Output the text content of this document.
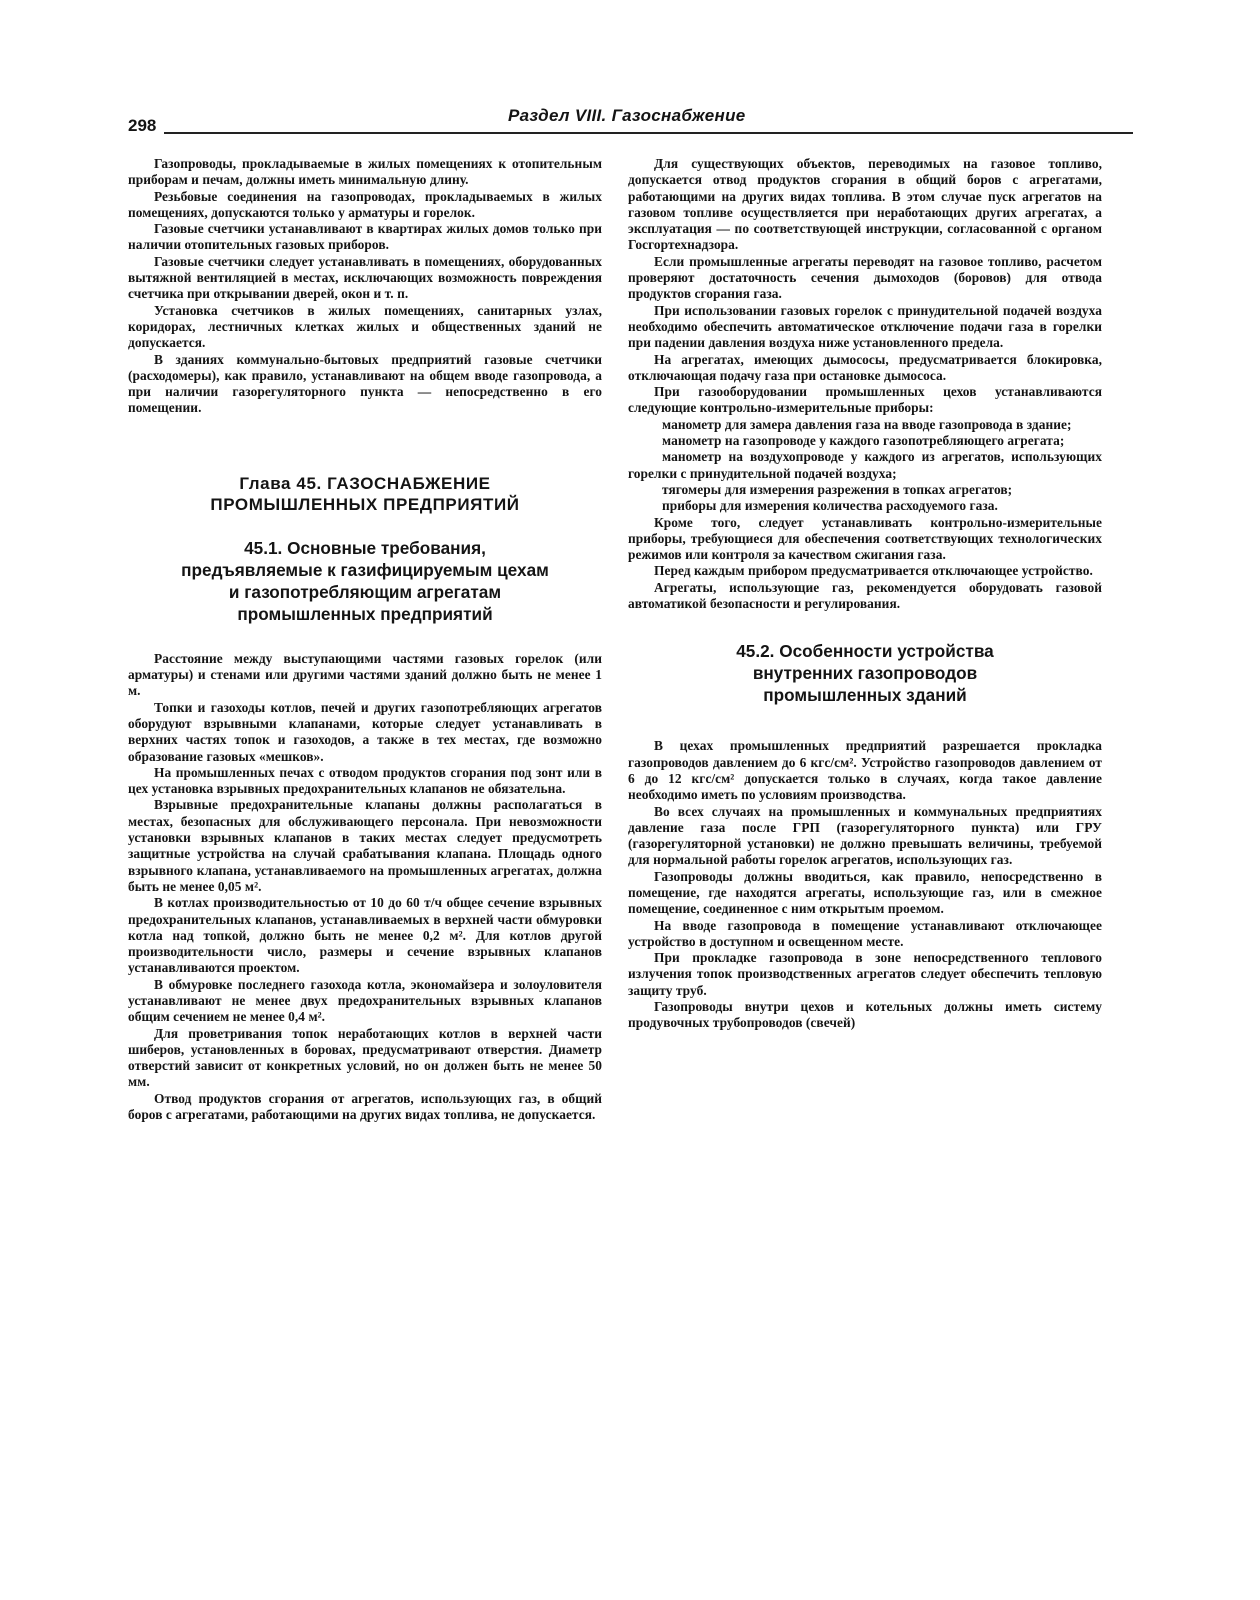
298
Раздел VIII. Газоснабжение

Газопроводы, прокладываемые в жилых помещениях к отопительным приборам и печам, должны иметь минимальную длину.

Резьбовые соединения на газопроводах, прокладываемых в жилых помещениях, допускаются только у арматуры и горелок.

Газовые счетчики устанавливают в квартирах жилых домов только при наличии отопительных газовых приборов.

Газовые счетчики следует устанавливать в помещениях, оборудованных вытяжной вентиляцией в местах, исключающих возможность повреждения счетчика при открывании дверей, окон и т. п.

Установка счетчиков в жилых помещениях, санитарных узлах, коридорах, лестничных клетках жилых и общественных зданий не допускается.

В зданиях коммунально-бытовых предприятий газовые счетчики (расходомеры), как правило, устанавливают на общем вводе газопровода, а при наличии газорегуляторного пункта — непосредственно в его помещении.

Глава 45. ГАЗОСНАБЖЕНИЕ
ПРОМЫШЛЕННЫХ ПРЕДПРИЯТИЙ
45.1. Основные требования,
предъявляемые к газифицируемым цехам
и газопотребляющим агрегатам
промышленных предприятий

Расстояние между выступающими частями газовых горелок (или арматуры) и стенами или другими частями зданий должно быть не менее 1 м.

Топки и газоходы котлов, печей и других газопотребляющих агрегатов оборудуют взрывными клапанами, которые следует устанавливать в верхних частях топок и газоходов, а также в тех местах, где возможно образование газовых «мешков».

На промышленных печах с отводом продуктов сгорания под зонт или в цех установка взрывных предохранительных клапанов не обязательна.

Взрывные предохранительные клапаны должны располагаться в местах, безопасных для обслуживающего персонала. При невозможности установки взрывных клапанов в таких местах следует предусмотреть защитные устройства на случай срабатывания клапана. Площадь одного взрывного клапана, устанавливаемого на промышленных агрегатах, должна быть не менее 0,05 м².

В котлах производительностью от 10 до 60 т/ч общее сечение взрывных предохранительных клапанов, устанавливаемых в верхней части обмуровки котла над топкой, должно быть не менее 0,2 м². Для котлов другой производительности число, размеры и сечение взрывных клапанов устанавливаются проектом.

В обмуровке последнего газохода котла, экономайзера и золоуловителя устанавливают не менее двух предохранительных взрывных клапанов общим сечением не менее 0,4 м².

Для проветривания топок неработающих котлов в верхней части шиберов, установленных в боровах, предусматривают отверстия. Диаметр отверстий зависит от конкретных условий, но он должен быть не менее 50 мм.

Отвод продуктов сгорания от агрегатов, использующих газ, в общий боров с агрегатами, работающими на других видах топлива, не допускается.

Для существующих объектов, переводимых на газовое топливо, допускается отвод продуктов сгорания в общий боров с агрегатами, работающими на других видах топлива. В этом случае пуск агрегатов на газовом топливе осуществляется при неработающих других агрегатах, а эксплуатация — по соответствующей инструкции, согласованной с органом Госгортехнадзора.

Если промышленные агрегаты переводят на газовое топливо, расчетом проверяют достаточность сечения дымоходов (боровов) для отвода продуктов сгорания газа.

При использовании газовых горелок с принудительной подачей воздуха необходимо обеспечить автоматическое отключение подачи газа в горелки при падении давления воздуха ниже установленного предела.

На агрегатах, имеющих дымососы, предусматривается блокировка, отключающая подачу газа при остановке дымососа.

При газооборудовании промышленных цехов устанавливаются следующие контрольно-измерительные приборы:

манометр для замера давления газа на вводе газопровода в здание;

манометр на газопроводе у каждого газопотребляющего агрегата;

манометр на воздухопроводе у каждого из агрегатов, использующих горелки с принудительной подачей воздуха;

тягомеры для измерения разрежения в топках агрегатов;

приборы для измерения количества расходуемого газа.

Кроме того, следует устанавливать контрольно-измерительные приборы, требующиеся для обеспечения соответствующих технологических режимов или контроля за качеством сжигания газа.

Перед каждым прибором предусматривается отключающее устройство.

Агрегаты, использующие газ, рекомендуется оборудовать газовой автоматикой безопасности и регулирования.

45.2. Особенности устройства
внутренних газопроводов
промышленных зданий

В цехах промышленных предприятий разрешается прокладка газопроводов давлением до 6 кгс/см². Устройство газопроводов давлением от 6 до 12 кгс/см² допускается только в случаях, когда такое давление необходимо иметь по условиям производства.

Во всех случаях на промышленных и коммунальных предприятиях давление газа после ГРП (газорегуляторного пункта) или ГРУ (газорегуляторной установки) не должно превышать величины, требуемой для нормальной работы горелок агрегатов, использующих газ.

Газопроводы должны вводиться, как правило, непосредственно в помещение, где находятся агрегаты, использующие газ, или в смежное помещение, соединенное с ним открытым проемом.

На вводе газопровода в помещение устанавливают отключающее устройство в доступном и освещенном месте.

При прокладке газопровода в зоне непосредственного теплового излучения топок производственных агрегатов следует обеспечить тепловую защиту труб.

Газопроводы внутри цехов и котельных должны иметь систему продувочных трубопроводов (свечей)
